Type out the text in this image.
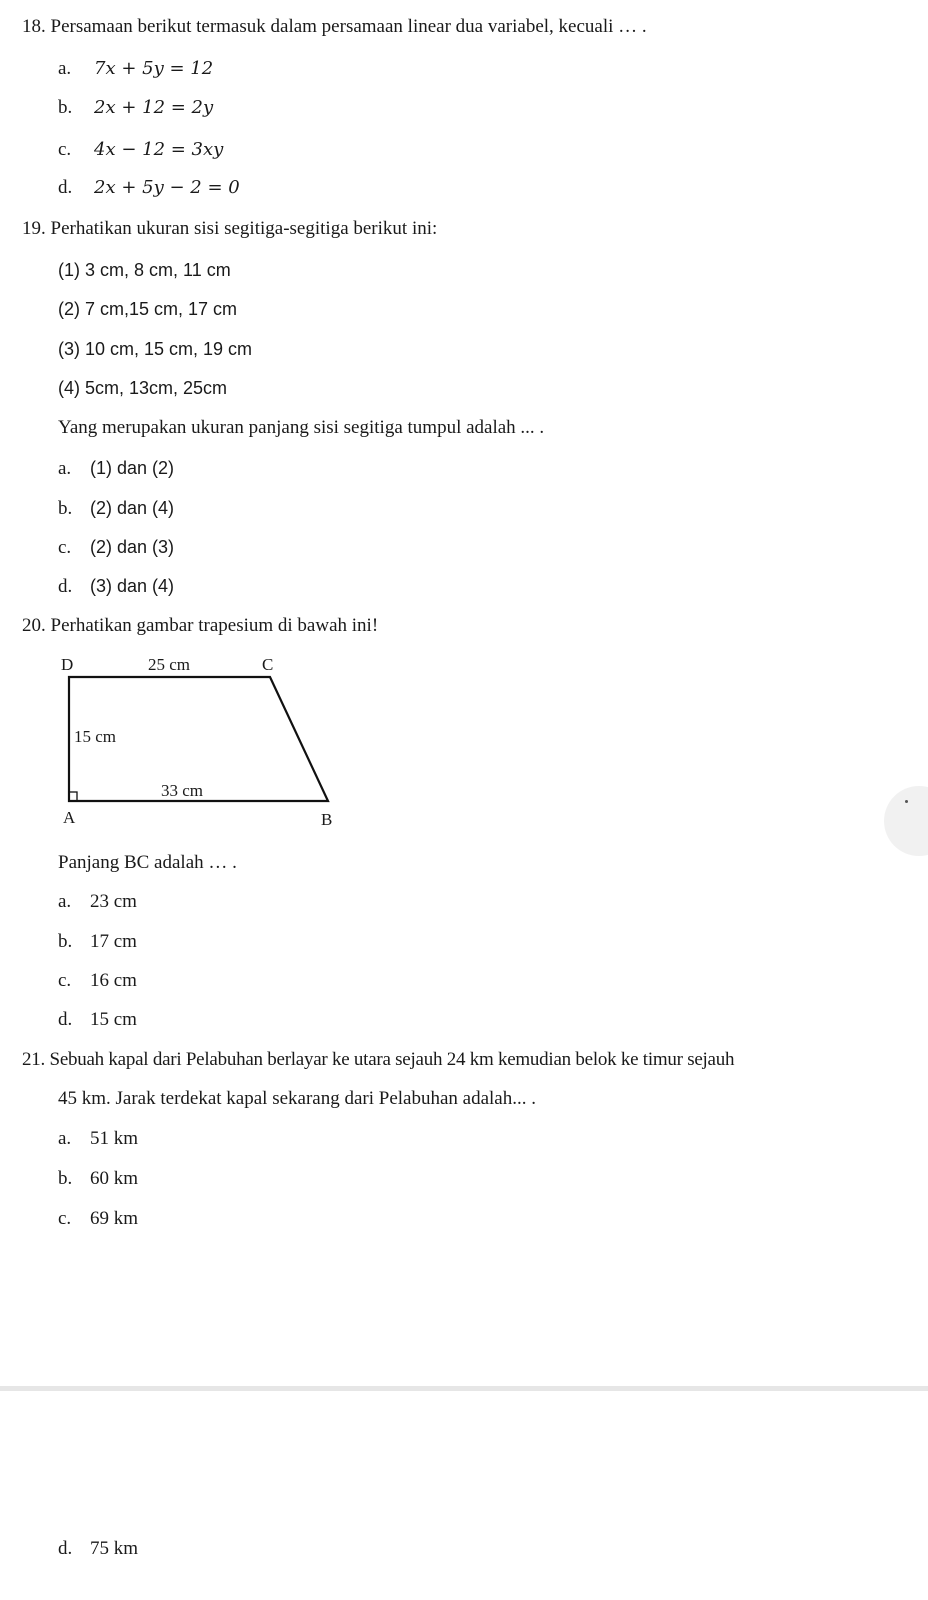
18. Persamaan berikut termasuk dalam persamaan linear dua variabel, kecuali … .
a. 7x + 5y = 12
b. 2x + 12 = 2y
c. 4x − 12 = 3xy
d. 2x + 5y − 2 = 0
19. Perhatikan ukuran sisi segitiga-segitiga berikut ini:
(1) 3 cm, 8 cm, 11 cm
(2) 7 cm,15 cm, 17 cm
(3) 10 cm, 15 cm, 19 cm
(4) 5cm, 13cm, 25cm
Yang merupakan ukuran panjang sisi segitiga tumpul adalah ... .
a. (1) dan (2)
b. (2) dan (4)
c. (2) dan (3)
d. (3) dan (4)
20. Perhatikan gambar trapesium di bawah ini!
D	25 cm	C
15 cm
33 cm
A	B
Panjang BC adalah … .
a. 23 cm
b. 17 cm
c. 16 cm
d. 15 cm
21. Sebuah kapal dari Pelabuhan berlayar ke utara sejauh 24 km kemudian belok ke timur sejauh
45 km. Jarak terdekat kapal sekarang dari Pelabuhan adalah... .
a. 51 km
b. 60 km
c. 69 km
d. 75 km
